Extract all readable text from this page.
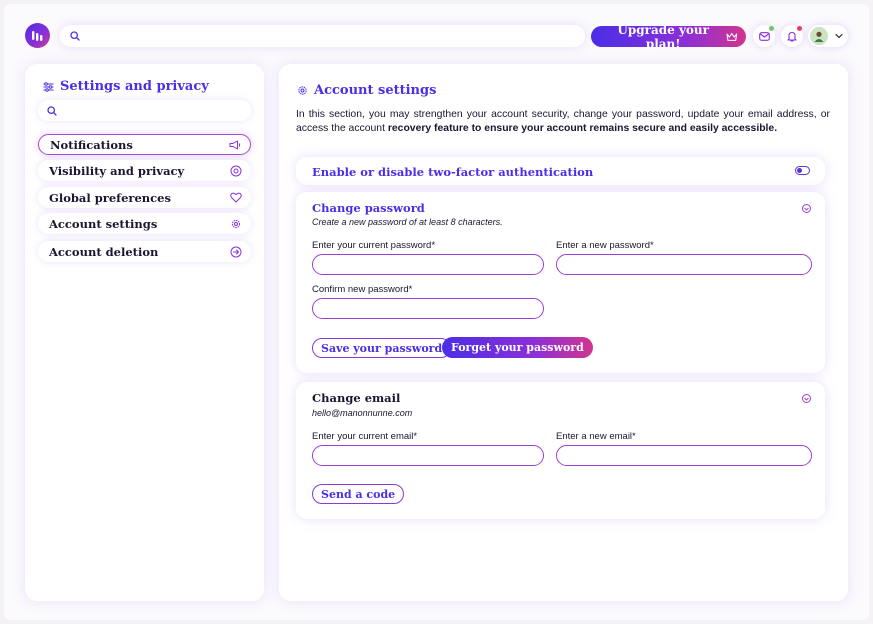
Upgrade your plan!
Settings and privacy
Notifications
Visibility and privacy
Global preferences
Account settings
Account deletion
Account settings

In this section, you may strengthen your account security, change your password, update your email address, or access the account recovery feature to ensure your account remains secure and easily accessible.

Enable or disable two-factor authentication
Change password
Create a new password of at least 8 characters.
Enter your current password*	Enter a new password*
Confirm new password*
Save your password Forget your password
Change email
hello@manonnunne.com
Enter your current email*	Enter a new email*
Send a code
